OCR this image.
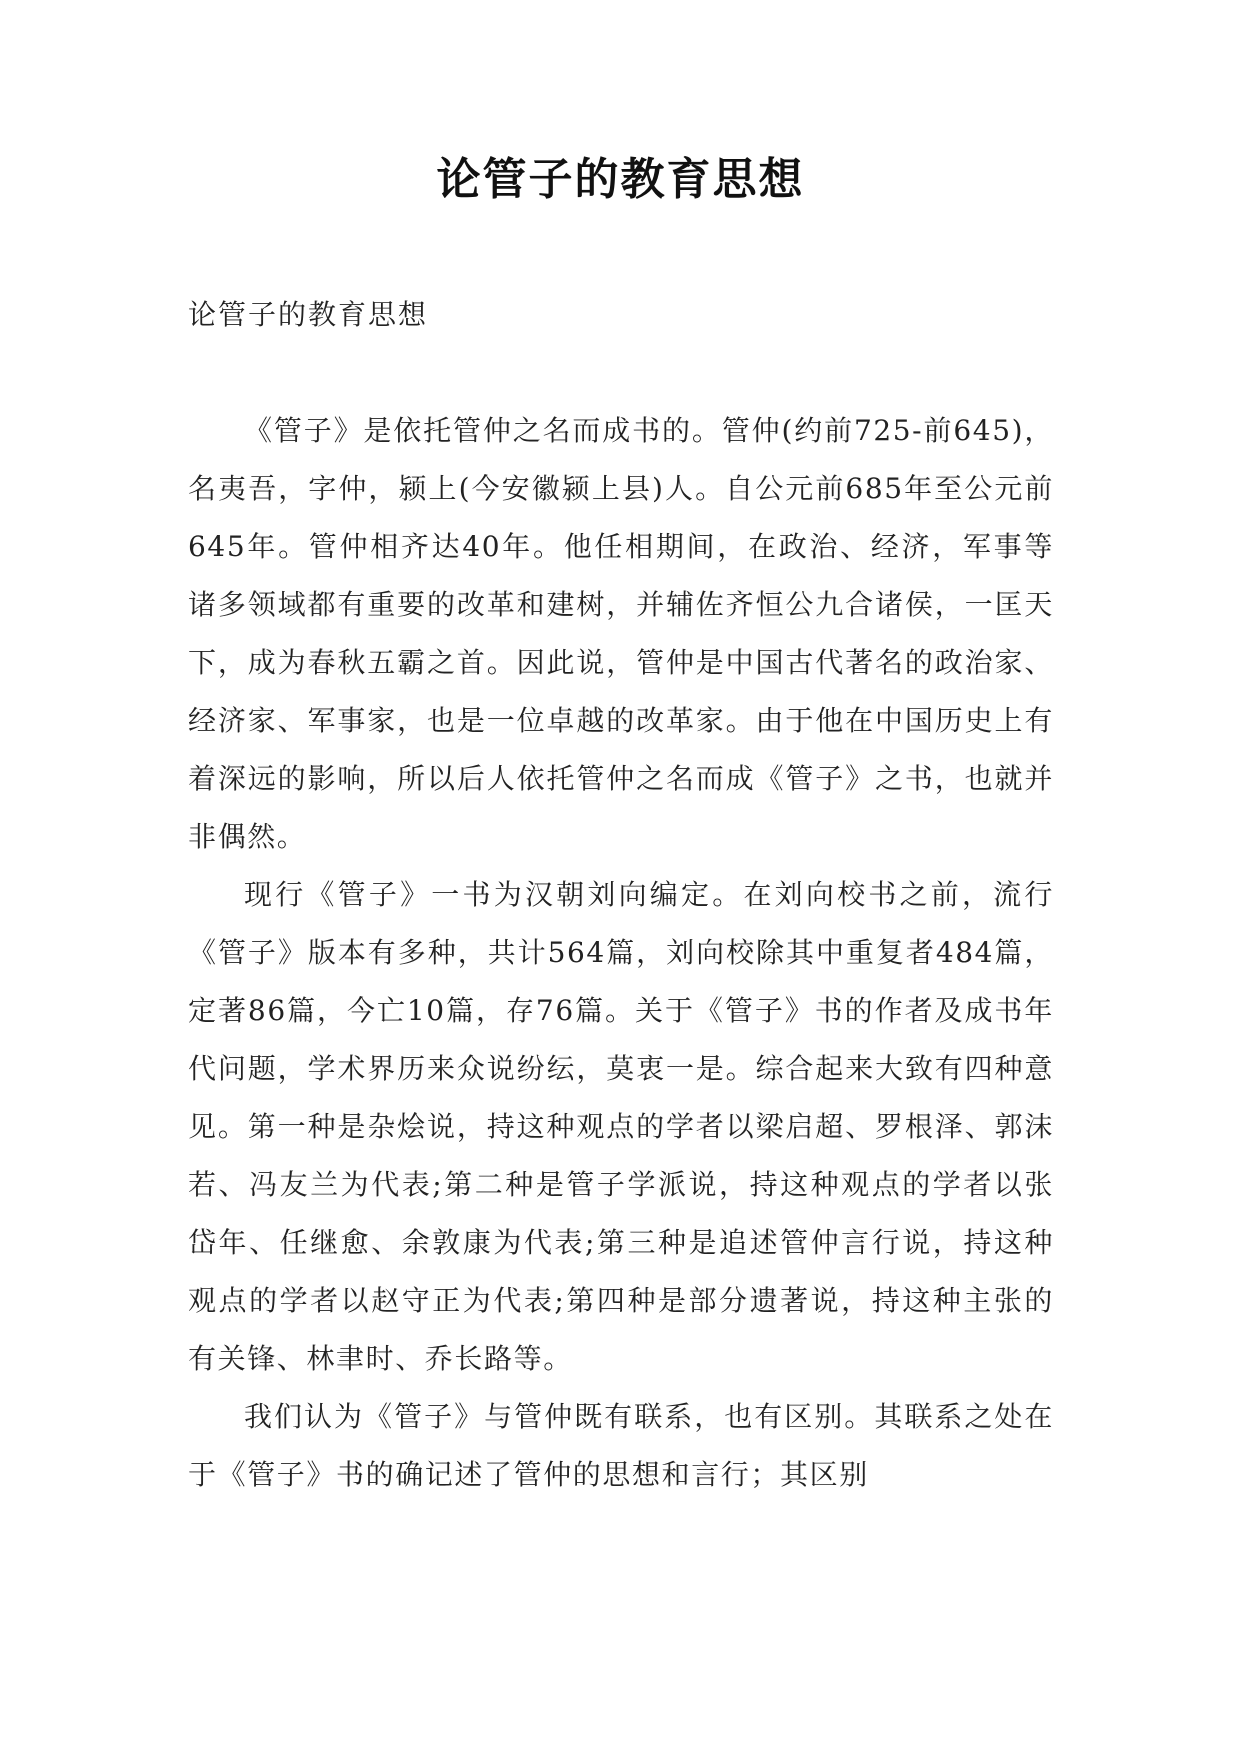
论管子的教育思想

论管子的教育思想

《管子》是依托管仲之名而成书的。管仲(约前725-前645)，名夷吾，字仲，颍上(今安徽颍上县)人。自公元前685年至公元前645年。管仲相齐达40年。他任相期间，在政治、经济，军事等诸多领域都有重要的改革和建树，并辅佐齐恒公九合诸侯，一匡天下，成为春秋五霸之首。因此说，管仲是中国古代著名的政治家、经济家、军事家，也是一位卓越的改革家。由于他在中国历史上有着深远的影响，所以后人依托管仲之名而成《管子》之书，也就并非偶然。

现行《管子》一书为汉朝刘向编定。在刘向校书之前，流行《管子》版本有多种，共计564篇，刘向校除其中重复者484篇，定著86篇，今亡10篇，存76篇。关于《管子》书的作者及成书年代问题，学术界历来众说纷纭，莫衷一是。综合起来大致有四种意见。第一种是杂烩说，持这种观点的学者以梁启超、罗根泽、郭沫若、冯友兰为代表;第二种是管子学派说，持这种观点的学者以张岱年、任继愈、余敦康为代表;第三种是追述管仲言行说，持这种观点的学者以赵守正为代表;第四种是部分遗著说，持这种主张的有关锋、林聿时、乔长路等。

我们认为《管子》与管仲既有联系，也有区别。其联系之处在于《管子》书的确记述了管仲的思想和言行；其区别
